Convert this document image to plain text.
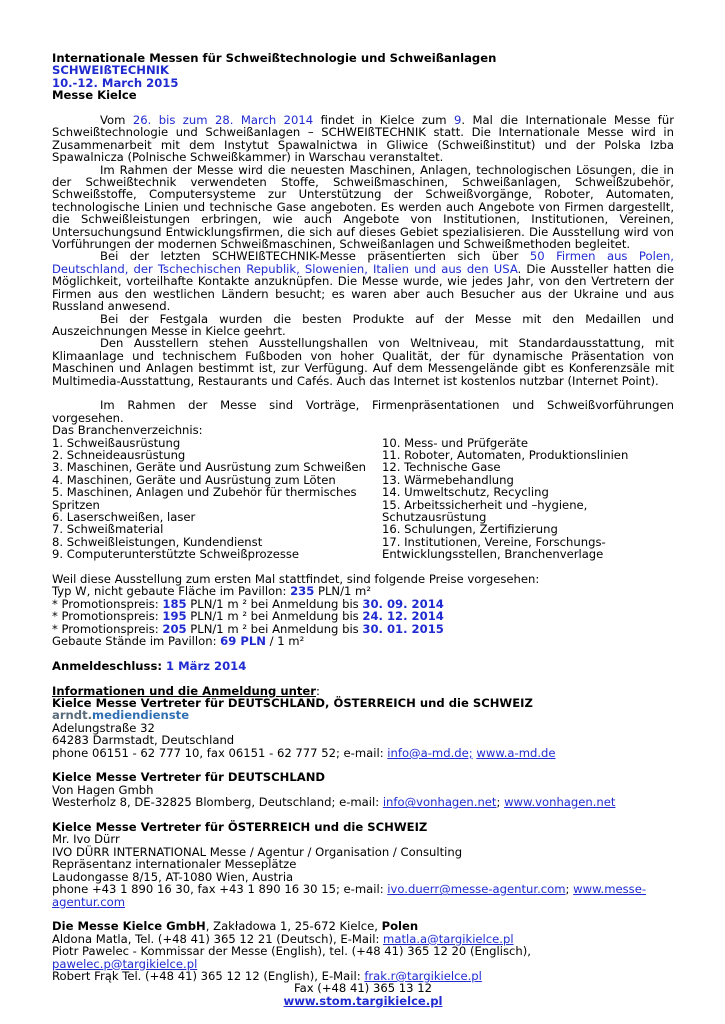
Internationale Messen für Schweißtechnologie und Schweißanlagen

SCHWEIßTECHNIK

10.-12. March 2015

Messe Kielce

Vom 26. bis zum 28. March 2014 findet in Kielce zum 9. Mal die Internationale Messe für Schweißtechnologie und Schweißanlagen – SCHWEIßTECHNIK statt. Die Internationale Messe wird in Zusammenarbeit mit dem Instytut Spawalnictwa in Gliwice (Schweißinstitut) und der Polska Izba Spawalnicza (Polnische Schweißkammer) in Warschau veranstaltet.

Im Rahmen der Messe wird die neuesten Maschinen, Anlagen, technologischen Lösungen, die in der Schweißtechnik verwendeten Stoffe, Schweißmaschinen, Schweißanlagen, Schweißzubehör, Schweißstoffe, Computersysteme zur Unterstützung der Schweißvorgänge, Roboter, Automaten, technologische Linien und technische Gase angeboten. Es werden auch Angebote von Firmen dargestellt, die Schweißleistungen erbringen, wie auch Angebote von Institutionen, Institutionen, Vereinen, Untersuchungsund Entwicklungsfirmen, die sich auf dieses Gebiet spezialisieren. Die Ausstellung wird von Vorführungen der modernen Schweißmaschinen, Schweißanlagen und Schweißmethoden begleitet.

Bei der letzten SCHWEIßTECHNIK-Messe präsentierten sich über 50 Firmen aus Polen, Deutschland, der Tschechischen Republik, Slowenien, Italien und aus den USA. Die Aussteller hatten die Möglichkeit, vorteilhafte Kontakte anzuknüpfen. Die Messe wurde, wie jedes Jahr, von den Vertretern der Firmen aus den westlichen Ländern besucht; es waren aber auch Besucher aus der Ukraine und aus Russland anwesend.

Bei der Festgala wurden die besten Produkte auf der Messe mit den Medaillen und Auszeichnungen Messe in Kielce geehrt.

Den Ausstellern stehen Ausstellungshallen von Weltniveau, mit Standardausstattung, mit Klimaanlage und technischem Fußboden von hoher Qualität, der für dynamische Präsentation von Maschinen und Anlagen bestimmt ist, zur Verfügung. Auf dem Messengelände gibt es Konferenzsäle mit Multimedia-Ausstattung, Restaurants und Cafés. Auch das Internet ist kostenlos nutzbar (Internet Point).

Im Rahmen der Messe sind Vorträge, Firmenpräsentationen und Schweißvorführungen vorgesehen.

Das Branchenverzeichnis:

1. Schweißausrüstung

2. Schneideausrüstung

3. Maschinen, Geräte und Ausrüstung zum Schweißen

4. Maschinen, Geräte und Ausrüstung zum Löten

5. Maschinen, Anlagen und Zubehör für thermisches Spritzen

6. Laserschweißen, laser

7. Schweißmaterial

8. Schweißleistungen, Kundendienst

9. Computerunterstützte Schweißprozesse

10. Mess- und Prüfgeräte

11. Roboter, Automaten, Produktionslinien

12. Technische Gase

13. Wärmebehandlung

14. Umweltschutz, Recycling

15. Arbeitssicherheit und –hygiene, Schutzausrüstung

16. Schulungen, Zertifizierung

17. Institutionen, Vereine, Forschungs-Entwicklungsstellen, Branchenverlage

Weil diese Ausstellung zum ersten Mal stattfindet, sind folgende Preise vorgesehen:

Typ W, nicht gebaute Fläche im Pavillon: 235 PLN/1 m²

* Promotionspreis: 185 PLN/1 m ² bei Anmeldung bis 30. 09. 2014

* Promotionspreis: 195 PLN/1 m ² bei Anmeldung bis 24. 12. 2014

* Promotionspreis: 205 PLN/1 m ² bei Anmeldung bis 30. 01. 2015

Gebaute Stände im Pavillon: 69 PLN / 1 m²

Anmeldeschluss: 1 März 2014

Informationen und die Anmeldung unter:

Kielce Messe Vertreter für DEUTSCHLAND, ÖSTERREICH und die SCHWEIZ

arndt.mediendienste

Adelungstraße 32

64283 Darmstadt, Deutschland

phone 06151 - 62 777 10, fax 06151 - 62 777 52; e-mail: info@a-md.de; www.a-md.de

Kielce Messe Vertreter für DEUTSCHLAND

Von Hagen Gmbh

Westerholz 8, DE-32825 Blomberg, Deutschland; e-mail: info@vonhagen.net; www.vonhagen.net

Kielce Messe Vertreter für ÖSTERREICH und die SCHWEIZ

Mr. Ivo Dürr

IVO DÜRR INTERNATIONAL Messe / Agentur / Organisation / Consulting

Repräsentanz internationaler Messeplätze

Laudongasse 8/15, AT-1080 Wien, Austria

phone +43 1 890 16 30, fax +43 1 890 16 30 15; e-mail: ivo.duerr@messe-agentur.com; www.messe-agentur.com

Die Messe Kielce GmbH, Zakładowa 1, 25-672 Kielce, Polen

Aldona Matla, Tel. (+48 41) 365 12 21 (Deutsch), E-Mail: matla.a@targikielce.pl

Piotr Pawelec - Kommissar der Messe (English), tel. (+48 41) 365 12 20 (Englisch), pawelec.p@targikielce.pl

Robert Frąk Tel. (+48 41) 365 12 12 (English), E-Mail: frak.r@targikielce.pl

Fax (+48 41) 365 13 12

www.stom.targikielce.pl
